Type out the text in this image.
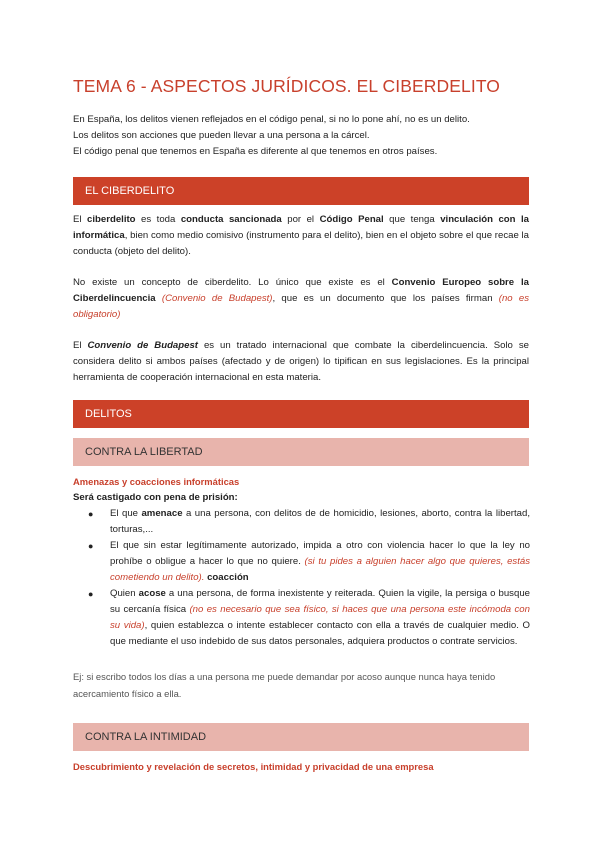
TEMA 6 - ASPECTOS JURÍDICOS. EL CIBERDELITO

En España, los delitos vienen reflejados en el código penal, si no lo pone ahí, no es un delito.

Los delitos son acciones que pueden llevar a una persona a la cárcel.

El código penal que tenemos en España es diferente al que tenemos en otros países.

EL CIBERDELITO

El ciberdelito es toda conducta sancionada por el Código Penal que tenga vinculación con la informática, bien como medio comisivo (instrumento para el delito), bien en el objeto sobre el que recae la conducta (objeto del delito).

No existe un concepto de ciberdelito. Lo único que existe es el Convenio Europeo sobre la Ciberdelincuencia (Convenio de Budapest), que es un documento que los países firman (no es obligatorio)

El Convenio de Budapest es un tratado internacional que combate la ciberdelincuencia. Solo se considera delito si ambos países (afectado y de origen) lo tipifican en sus legislaciones. Es la principal herramienta de cooperación internacional en esta materia.

DELITOS
CONTRA LA LIBERTAD

Amenazas y coacciones informáticas

Será castigado con pena de prisión:

● El que amenace a una persona, con delitos de de homicidio, lesiones, aborto, contra la libertad, torturas,...
● El que sin estar legítimamente autorizado, impida a otro con violencia hacer lo que la ley no prohíbe o obligue a hacer lo que no quiere. (si tu pides a alguien hacer algo que quieres, estás cometiendo un delito). coacción
● Quien acose a una persona, de forma inexistente y reiterada. Quien la vigile, la persiga o busque su cercanía física (no es necesario que sea físico, si haces que una persona este incómoda con su vida), quien establezca o intente establecer contacto con ella a través de cualquier medio. O que mediante el uso indebido de sus datos personales, adquiera productos o contrate servicios.

Ej: si escribo todos los días a una persona me puede demandar por acoso aunque nunca haya tenido acercamiento físico a ella.

CONTRA LA INTIMIDAD

Descubrimiento y revelación de secretos, intimidad y privacidad de una empresa
